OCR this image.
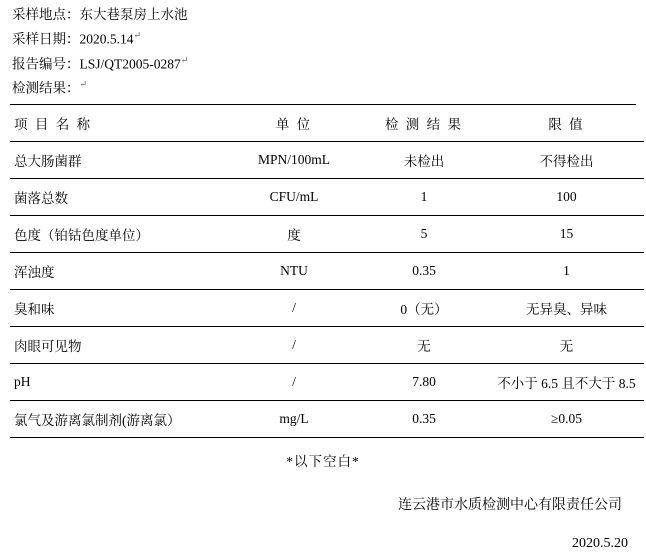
采样地点：东大巷泵房上水池
采样日期：2020.5.14↵
报告编号：LSJ/QT2005-0287↵
检测结果：↵
项 目 名 称	单 位	检 测 结 果	限 值
总大肠菌群	MPN/100mL	未检出	不得检出
菌落总数	CFU/mL	1	100
色度（铂钴色度单位）	度	5	15
浑浊度	NTU	0.35	1
臭和味	/	0（无）	无异臭、异味
肉眼可见物	/	无	无
pH	/	7.80	不小于 6.5 且不大于 8.5
氯气及游离氯制剂(游离氯）	mg/L	0.35	≥0.05
*以下空白*
连云港市水质检测中心有限责任公司
2020.5.20
